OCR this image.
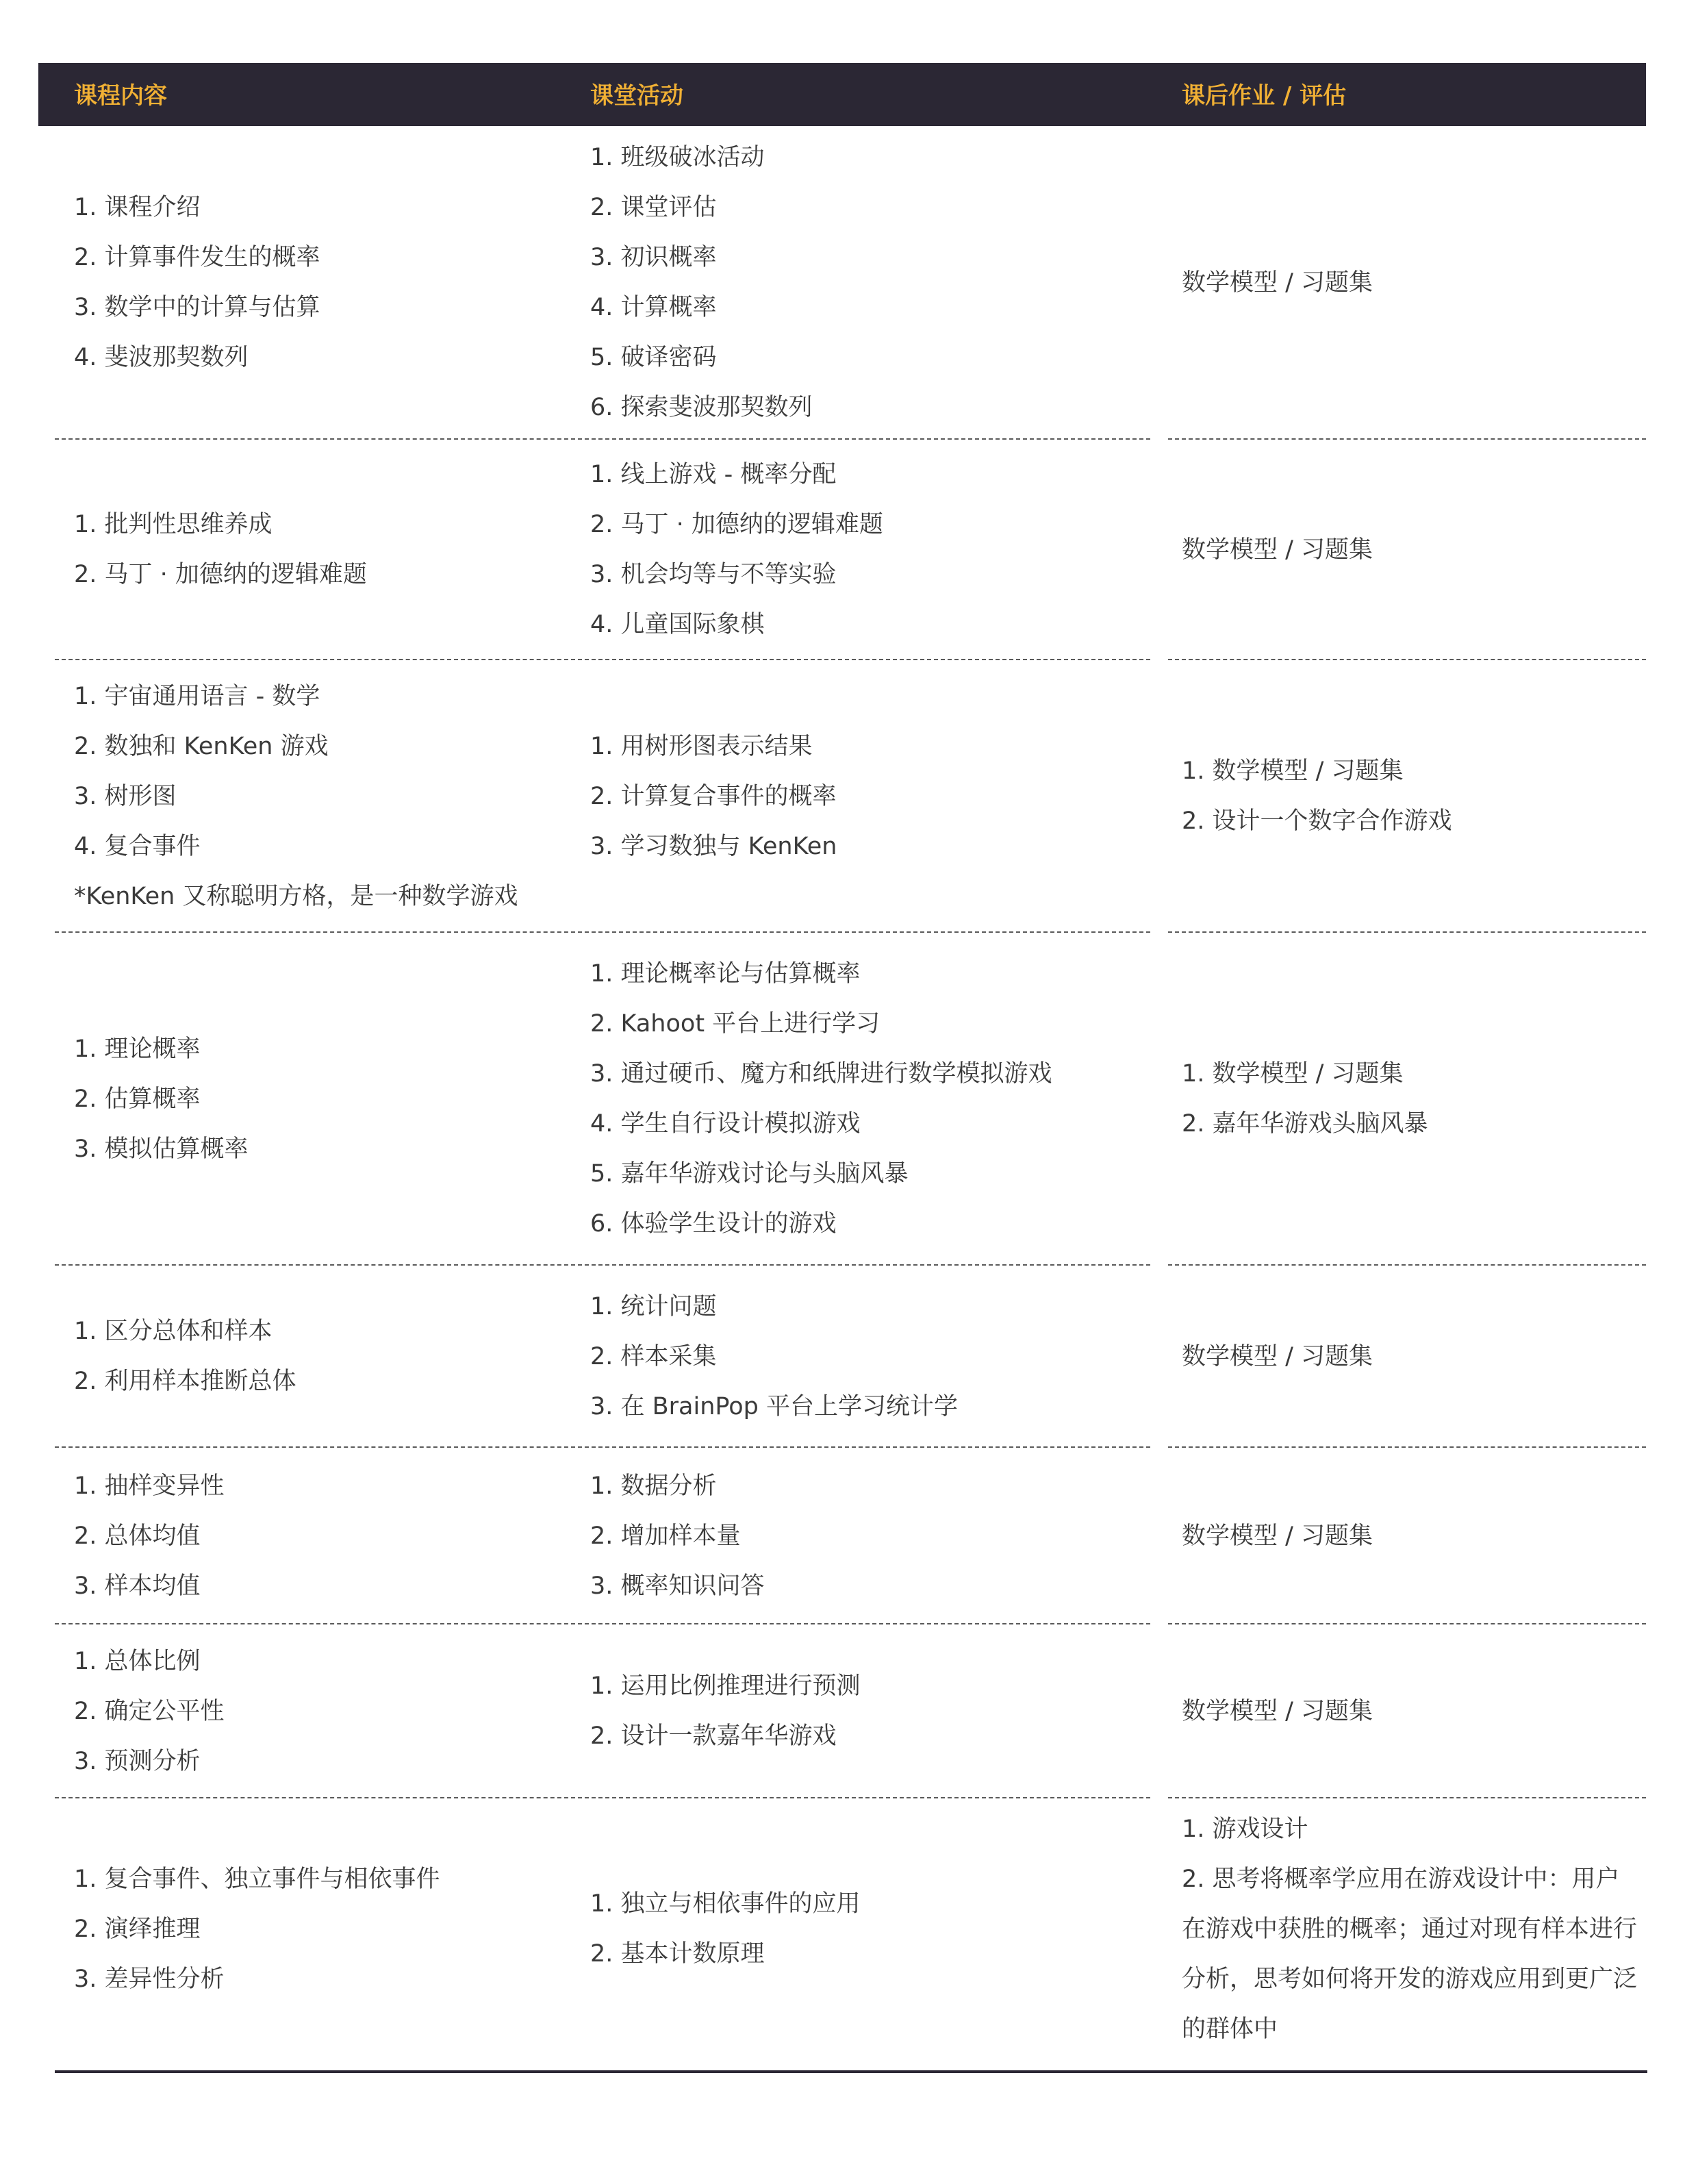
课程内容	课堂活动	课后作业 / 评估
1. 课程介绍
2. 计算事件发生的概率
3. 数学中的计算与估算
4. 斐波那契数列
1. 班级破冰活动
2. 课堂评估
3. 初识概率
4. 计算概率
5. 破译密码
6. 探索斐波那契数列
数学模型 / 习题集
1. 批判性思维养成
2. 马丁 · 加德纳的逻辑难题
1. 线上游戏 - 概率分配
2. 马丁 · 加德纳的逻辑难题
3. 机会均等与不等实验
4. 儿童国际象棋
数学模型 / 习题集
1. 宇宙通用语言 - 数学
2. 数独和 KenKen 游戏
3. 树形图
4. 复合事件
*KenKen 又称聪明方格，是一种数学游戏
1. 用树形图表示结果
2. 计算复合事件的概率
3. 学习数独与 KenKen
1. 数学模型 / 习题集
2. 设计一个数字合作游戏
1. 理论概率
2. 估算概率
3. 模拟估算概率
1. 理论概率论与估算概率
2. Kahoot 平台上进行学习
3. 通过硬币、魔方和纸牌进行数学模拟游戏
4. 学生自行设计模拟游戏
5. 嘉年华游戏讨论与头脑风暴
6. 体验学生设计的游戏
1. 数学模型 / 习题集
2. 嘉年华游戏头脑风暴
1. 区分总体和样本
2. 利用样本推断总体
1. 统计问题
2. 样本采集
3. 在 BrainPop 平台上学习统计学
数学模型 / 习题集
1. 抽样变异性
2. 总体均值
3. 样本均值
1. 数据分析
2. 增加样本量
3. 概率知识问答
数学模型 / 习题集
1. 总体比例
2. 确定公平性
3. 预测分析
1. 运用比例推理进行预测
2. 设计一款嘉年华游戏
数学模型 / 习题集
1. 复合事件、独立事件与相依事件
2. 演绎推理
3. 差异性分析
1. 独立与相依事件的应用
2. 基本计数原理
1. 游戏设计
2. 思考将概率学应用在游戏设计中：用户在游戏中获胜的概率；通过对现有样本进行分析，思考如何将开发的游戏应用到更广泛的群体中
